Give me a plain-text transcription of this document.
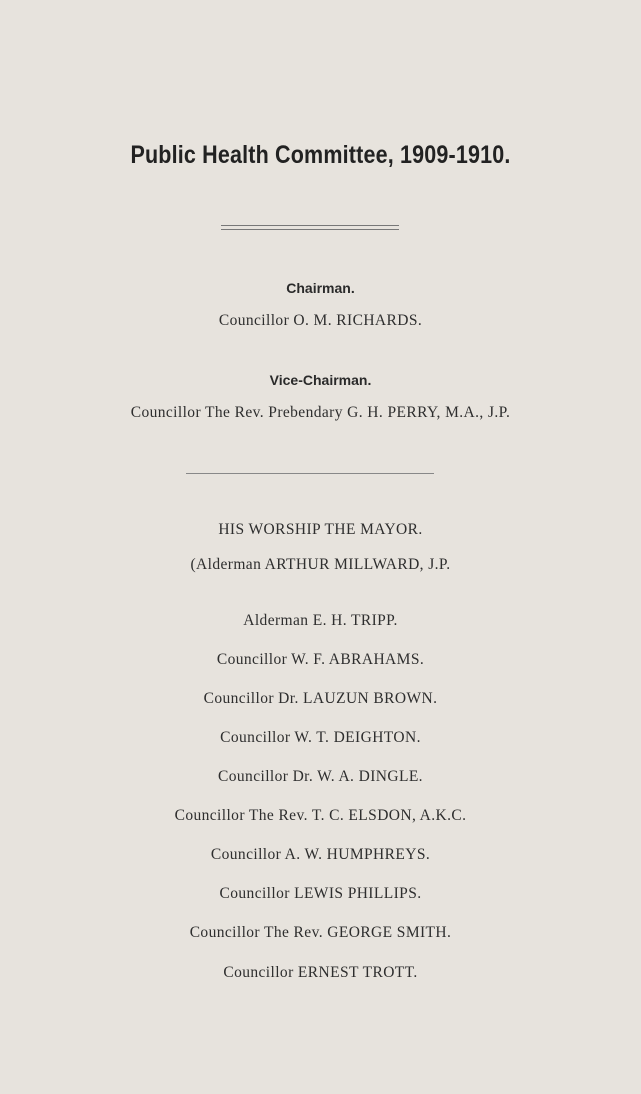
Public Health Committee, 1909-1910.
Chairman.
Councillor O. M. RICHARDS.
Vice-Chairman.
Councillor The Rev. Prebendary G. H. PERRY, M.A., J.P.
HIS WORSHIP THE MAYOR.
(Alderman ARTHUR MILLWARD, J.P.
Alderman E. H. TRIPP.
Councillor W. F. ABRAHAMS.
Councillor Dr. LAUZUN BROWN.
Councillor W. T. DEIGHTON.
Councillor Dr. W. A. DINGLE.
Councillor The Rev. T. C. ELSDON, A.K.C.
Councillor A. W. HUMPHREYS.
Councillor LEWIS PHILLIPS.
Councillor The Rev. GEORGE SMITH.
Councillor ERNEST TROTT.
